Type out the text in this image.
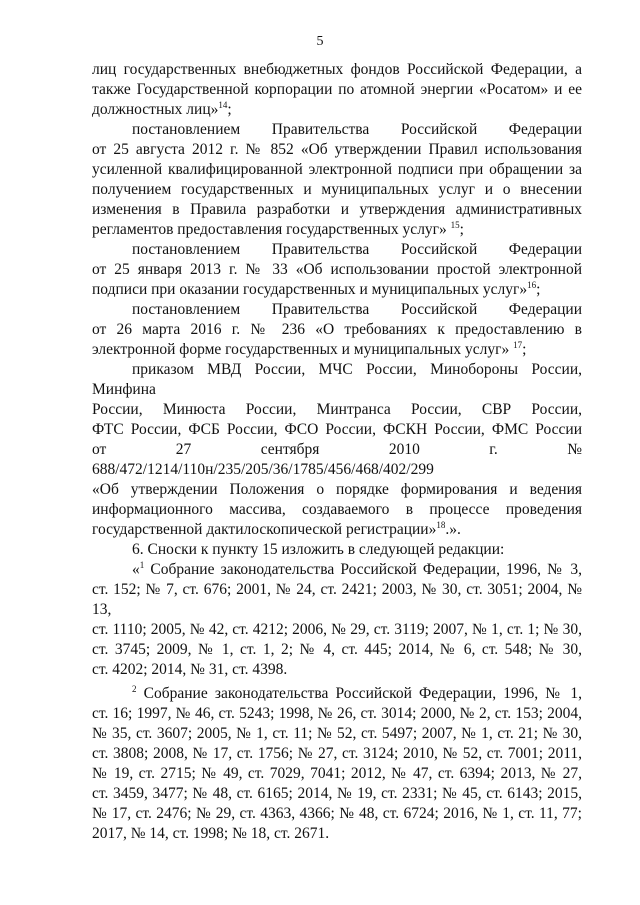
5

лиц государственных внебюджетных фондов Российской Федерации, а

также Государственной корпорации по атомной энергии «Росатом» и ее

должностных лиц»$^{14}$;

постановлением Правительства Российской Федерации

от 25 августа 2012 г. № 852 «Об утверждении Правил использования

усиленной квалифицированной электронной подписи при обращении за

получением государственных и муниципальных услуг и о внесении

изменения в Правила разработки и утверждения административных

регламентов предоставления государственных услуг» $^{15}$;

постановлением Правительства Российской Федерации

от 25 января 2013 г. № 33 «Об использовании простой электронной

подписи при оказании государственных и муниципальных услуг»$^{16}$;

постановлением Правительства Российской Федерации

от 26 марта 2016 г. № 236 «О требованиях к предоставлению в

электронной форме государственных и муниципальных услуг» $^{17}$;

приказом МВД России, МЧС России, Минобороны России, Минфина

России, Минюста России, Минтранса России, СВР России,

ФТС России, ФСБ России, ФСО России, ФСКН России, ФМС России

от 27 сентября 2010 г. № 688/472/1214/110н/235/205/36/1785/456/468/402/299

«Об утверждении Положения о порядке формирования и ведения

информационного массива, создаваемого в процессе проведения

государственной дактилоскопической регистрации»$^{18}$.».

6. Сноски к пункту 15 изложить в следующей редакции:

«$^1$ Собрание законодательства Российской Федерации, 1996, № 3,

ст. 152; № 7, ст. 676; 2001, № 24, ст. 2421; 2003, № 30, ст. 3051; 2004, № 13,

ст. 1110; 2005, № 42, ст. 4212; 2006, № 29, ст. 3119; 2007, № 1, ст. 1; № 30,

ст. 3745; 2009, № 1, ст. 1, 2; № 4, ст. 445; 2014, № 6, ст. 548; № 30,

ст. 4202; 2014, № 31, ст. 4398.

$^2$ Собрание законодательства Российской Федерации, 1996, № 1,

ст. 16; 1997, № 46, ст. 5243; 1998, № 26, ст. 3014; 2000, № 2, ст. 153; 2004,

№ 35, ст. 3607; 2005, № 1, ст. 11; № 52, ст. 5497; 2007, № 1, ст. 21; № 30,

ст. 3808; 2008, № 17, ст. 1756; № 27, ст. 3124; 2010, № 52, ст. 7001; 2011,

№ 19, ст. 2715; № 49, ст. 7029, 7041; 2012, № 47, ст. 6394; 2013, № 27,

ст. 3459, 3477; № 48, ст. 6165; 2014, № 19, ст. 2331; № 45, ст. 6143; 2015,

№ 17, ст. 2476; № 29, ст. 4363, 4366; № 48, ст. 6724; 2016, № 1, ст. 11, 77;

2017, № 14, ст. 1998; № 18, ст. 2671.
